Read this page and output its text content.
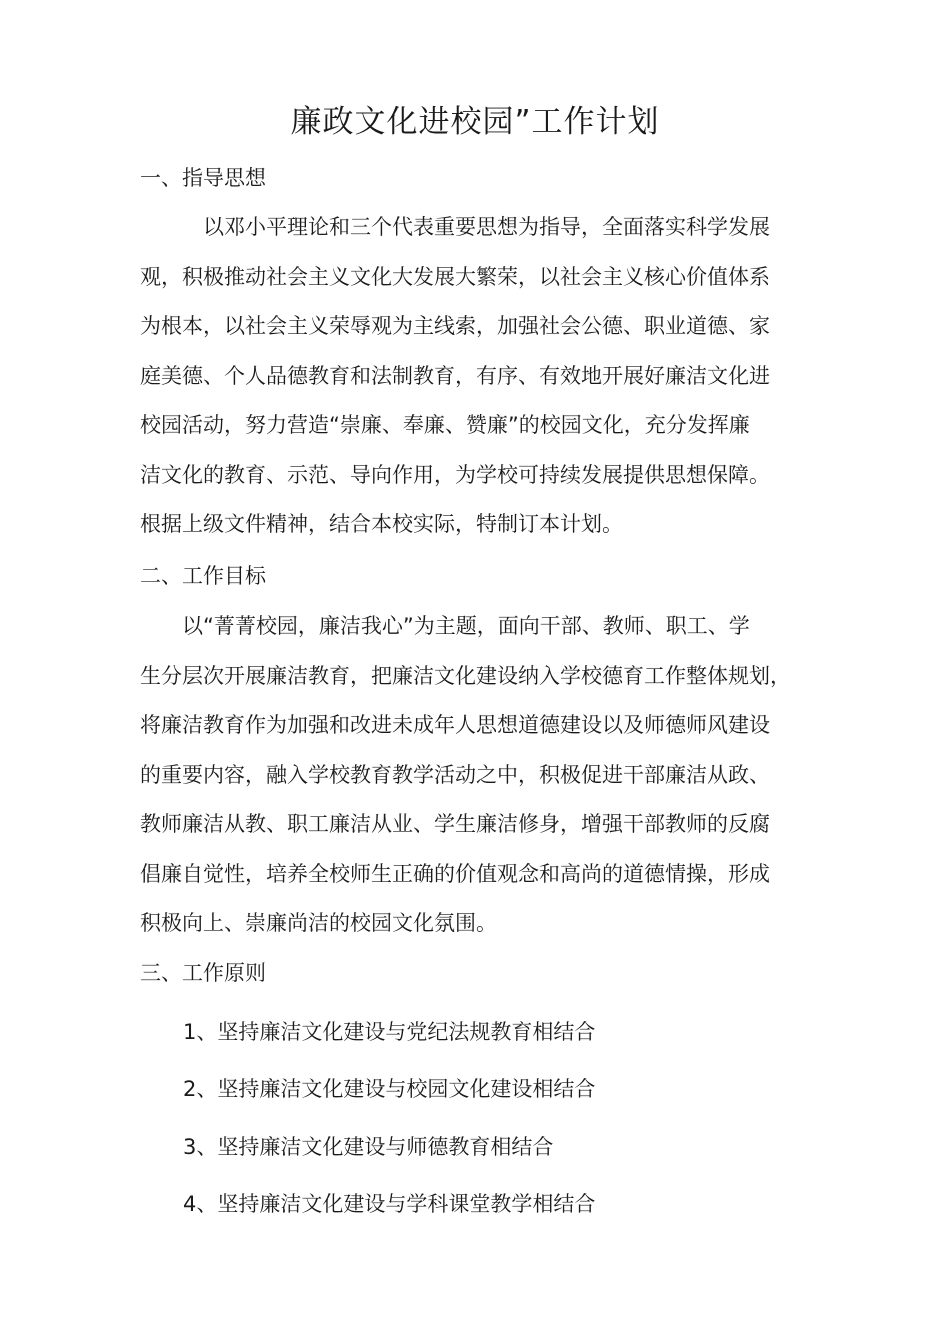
廉政文化进校园”工作计划
一、指导思想
　以邓小平理论和三个代表重要思想为指导，全面落实科学发展
观，积极推动社会主义文化大发展大繁荣，以社会主义核心价值体系
为根本，以社会主义荣辱观为主线索，加强社会公德、职业道德、家
庭美德、个人品德教育和法制教育，有序、有效地开展好廉洁文化进
校园活动，努力营造“崇廉、奉廉、赞廉”的校园文化，充分发挥廉
洁文化的教育、示范、导向作用，为学校可持续发展提供思想保障。
根据上级文件精神，结合本校实际，特制订本计划。
二、工作目标
以“菁菁校园，廉洁我心”为主题，面向干部、教师、职工、学
生分层次开展廉洁教育，把廉洁文化建设纳入学校德育工作整体规划，
将廉洁教育作为加强和改进未成年人思想道德建设以及师德师风建设
的重要内容，融入学校教育教学活动之中，积极促进干部廉洁从政、
教师廉洁从教、职工廉洁从业、学生廉洁修身，增强干部教师的反腐
倡廉自觉性，培养全校师生正确的价值观念和高尚的道德情操，形成
积极向上、崇廉尚洁的校园文化氛围。
三、工作原则
1、坚持廉洁文化建设与党纪法规教育相结合
2、坚持廉洁文化建设与校园文化建设相结合
3、坚持廉洁文化建设与师德教育相结合
4、坚持廉洁文化建设与学科课堂教学相结合
